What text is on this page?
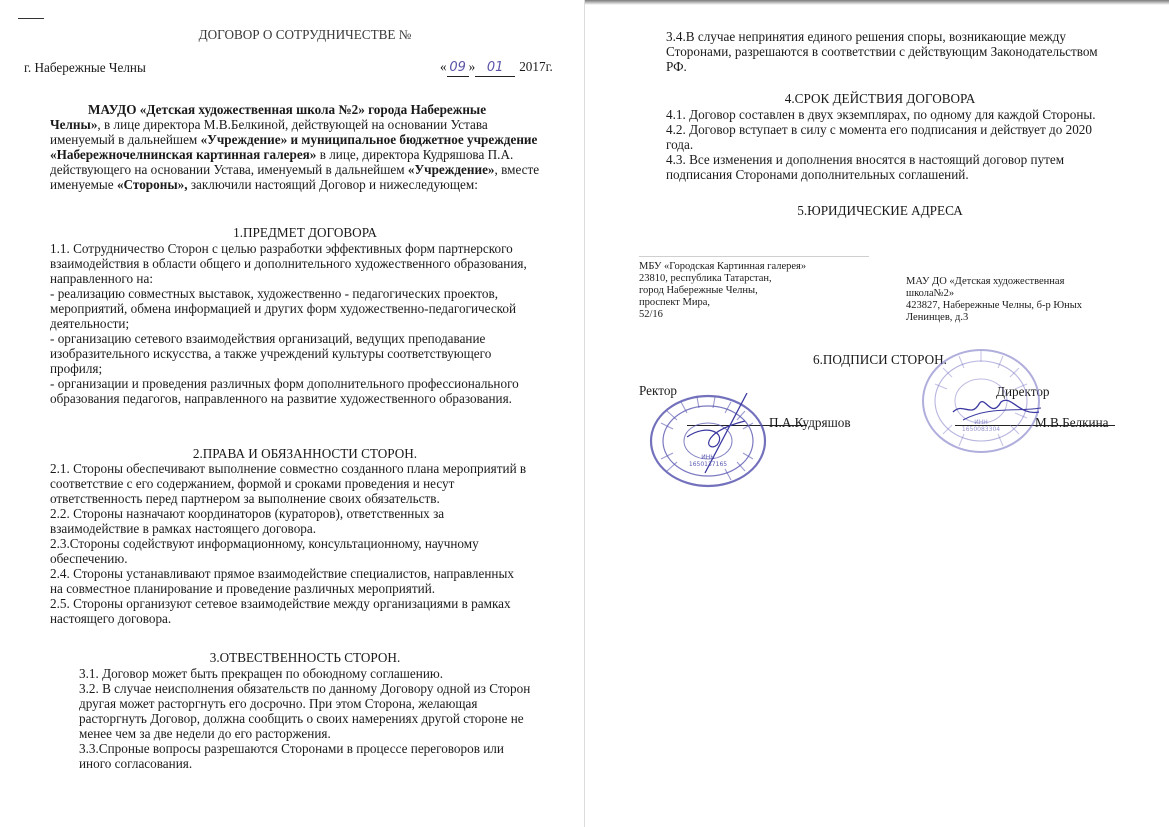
ДОГОВОР О СОТРУДНИЧЕСТВЕ №

г. Набережные Челны	« 09 » 01 2017г.
МАУДО «Детская художественная школа №2» города Набережные Челны», в лице директора М.В.Белкиной, действующей на основании Устава именуемый в дальнейшем «Учреждение» и муниципальное бюджетное учреждение «Набережночелнинская картинная галерея» в лице, директора Кудряшова П.А. действующего на основании Устава, именуемый в дальнейшем «Учреждение», вместе именуемые «Стороны», заключили настоящий Договор и нижеследующем:

1.ПРЕДМЕТ ДОГОВОРА

1.1. Сотрудничество Сторон с целью разработки эффективных форм партнерского
взаимодействия в области общего и дополнительного художественного образования,
направленного на:
- реализацию совместных выставок, художественно - педагогических проектов,
мероприятий, обмена информацией и других форм художественно-педагогической
деятельности;
- организацию сетевого взаимодействия организаций, ведущих преподавание
изобразительного искусства, а также учреждений культуры соответствующего
профиля;
- организации и проведения различных форм дополнительного профессионального
образования педагогов, направленного на развитие художественного образования.

2.ПРАВА И ОБЯЗАННОСТИ СТОРОН.

2.1. Стороны обеспечивают выполнение совместно созданного плана мероприятий в
соответствие с его содержанием, формой и сроками проведения и несут
ответственность перед партнером за выполнение своих обязательств.
2.2. Стороны назначают координаторов (кураторов), ответственных за
взаимодействие в рамках настоящего договора.
2.3.Стороны содействуют информационному, консультационному, научному
обеспечению.
2.4. Стороны устанавливают прямое взаимодействие специалистов, направленных
на совместное планирование и проведение различных мероприятий.
2.5. Стороны организуют сетевое взаимодействие между организациями в рамках
настоящего договора.

3.ОТВЕСТВЕННОСТЬ СТОРОН.

3.1. Договор может быть прекращен по обоюдному соглашению.
3.2. В случае неисполнения обязательств по данному Договору одной из Сторон
другая может расторгнуть его досрочно. При этом Сторона, желающая
расторгнуть Договор, должна сообщить о своих намерениях другой стороне не
менее чем за две недели до его расторжения.
3.3.Спроные вопросы разрешаются Сторонами в процессе переговоров или
иного согласования.
3.4.В случае непринятия единого решения споры, возникающие между
Сторонами, разрешаются в соответствии с действующим Законодательством
РФ.

4.СРОК ДЕЙСТВИЯ ДОГОВОРА

4.1. Договор составлен в двух экземплярах, по одному для каждой Стороны.
4.2. Договор вступает в силу с момента его подписания и действует до 2020
года.
4.3. Все изменения и дополнения вносятся в настоящий договор путем
подписания Сторонами дополнительных соглашений.

5.ЮРИДИЧЕСКИЕ АДРЕСА

МБУ «Городская Картинная галерея»
23810, республика Татарстан,
город Набережные Челны,
проспект Мира,
52/16
МАУ ДО «Детская художественная
школа№2»
423827, Набережные Челны, б-р Юных
Ленинцев, д.3

6.ПОДПИСИ СТОРОН.

Ректор

П.А.Кудряшов

Директор

М.В.Белкина

ИНН
1650137165
ИНН
1650083304
